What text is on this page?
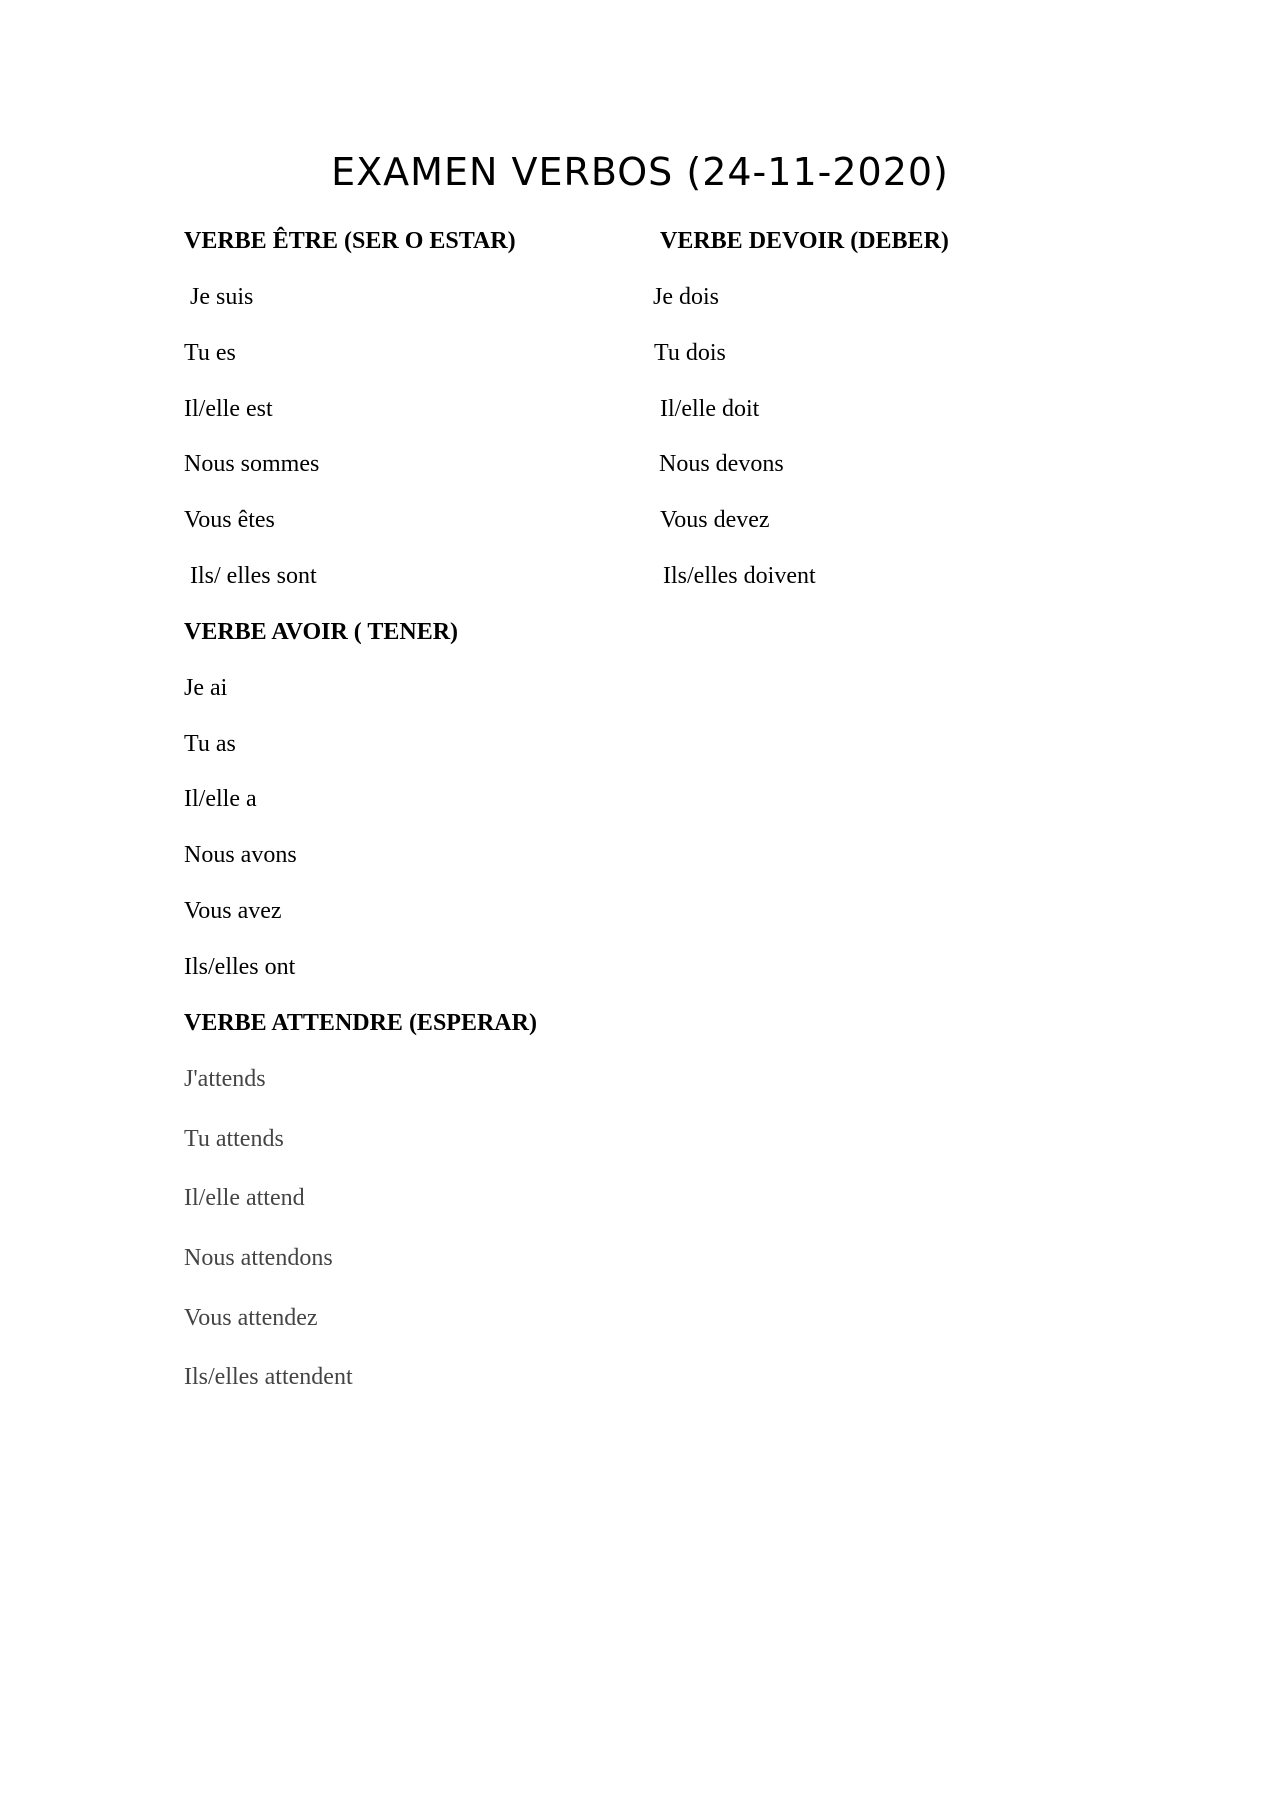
EXAMEN VERBOS (24-11-2020)
VERBE ÊTRE (SER O ESTAR)
Je suis
Tu es
Il/elle est
Nous sommes
Vous êtes
Ils/ elles sont
VERBE DEVOIR (DEBER)
Je dois
Tu dois
Il/elle doit
Nous devons
Vous devez
Ils/elles doivent
VERBE AVOIR ( TENER)
Je ai
Tu as
Il/elle a
Nous avons
Vous avez
Ils/elles ont
VERBE ATTENDRE (ESPERAR)
J'attends
Tu attends
Il/elle attend
Nous attendons
Vous attendez
Ils/elles attendent
